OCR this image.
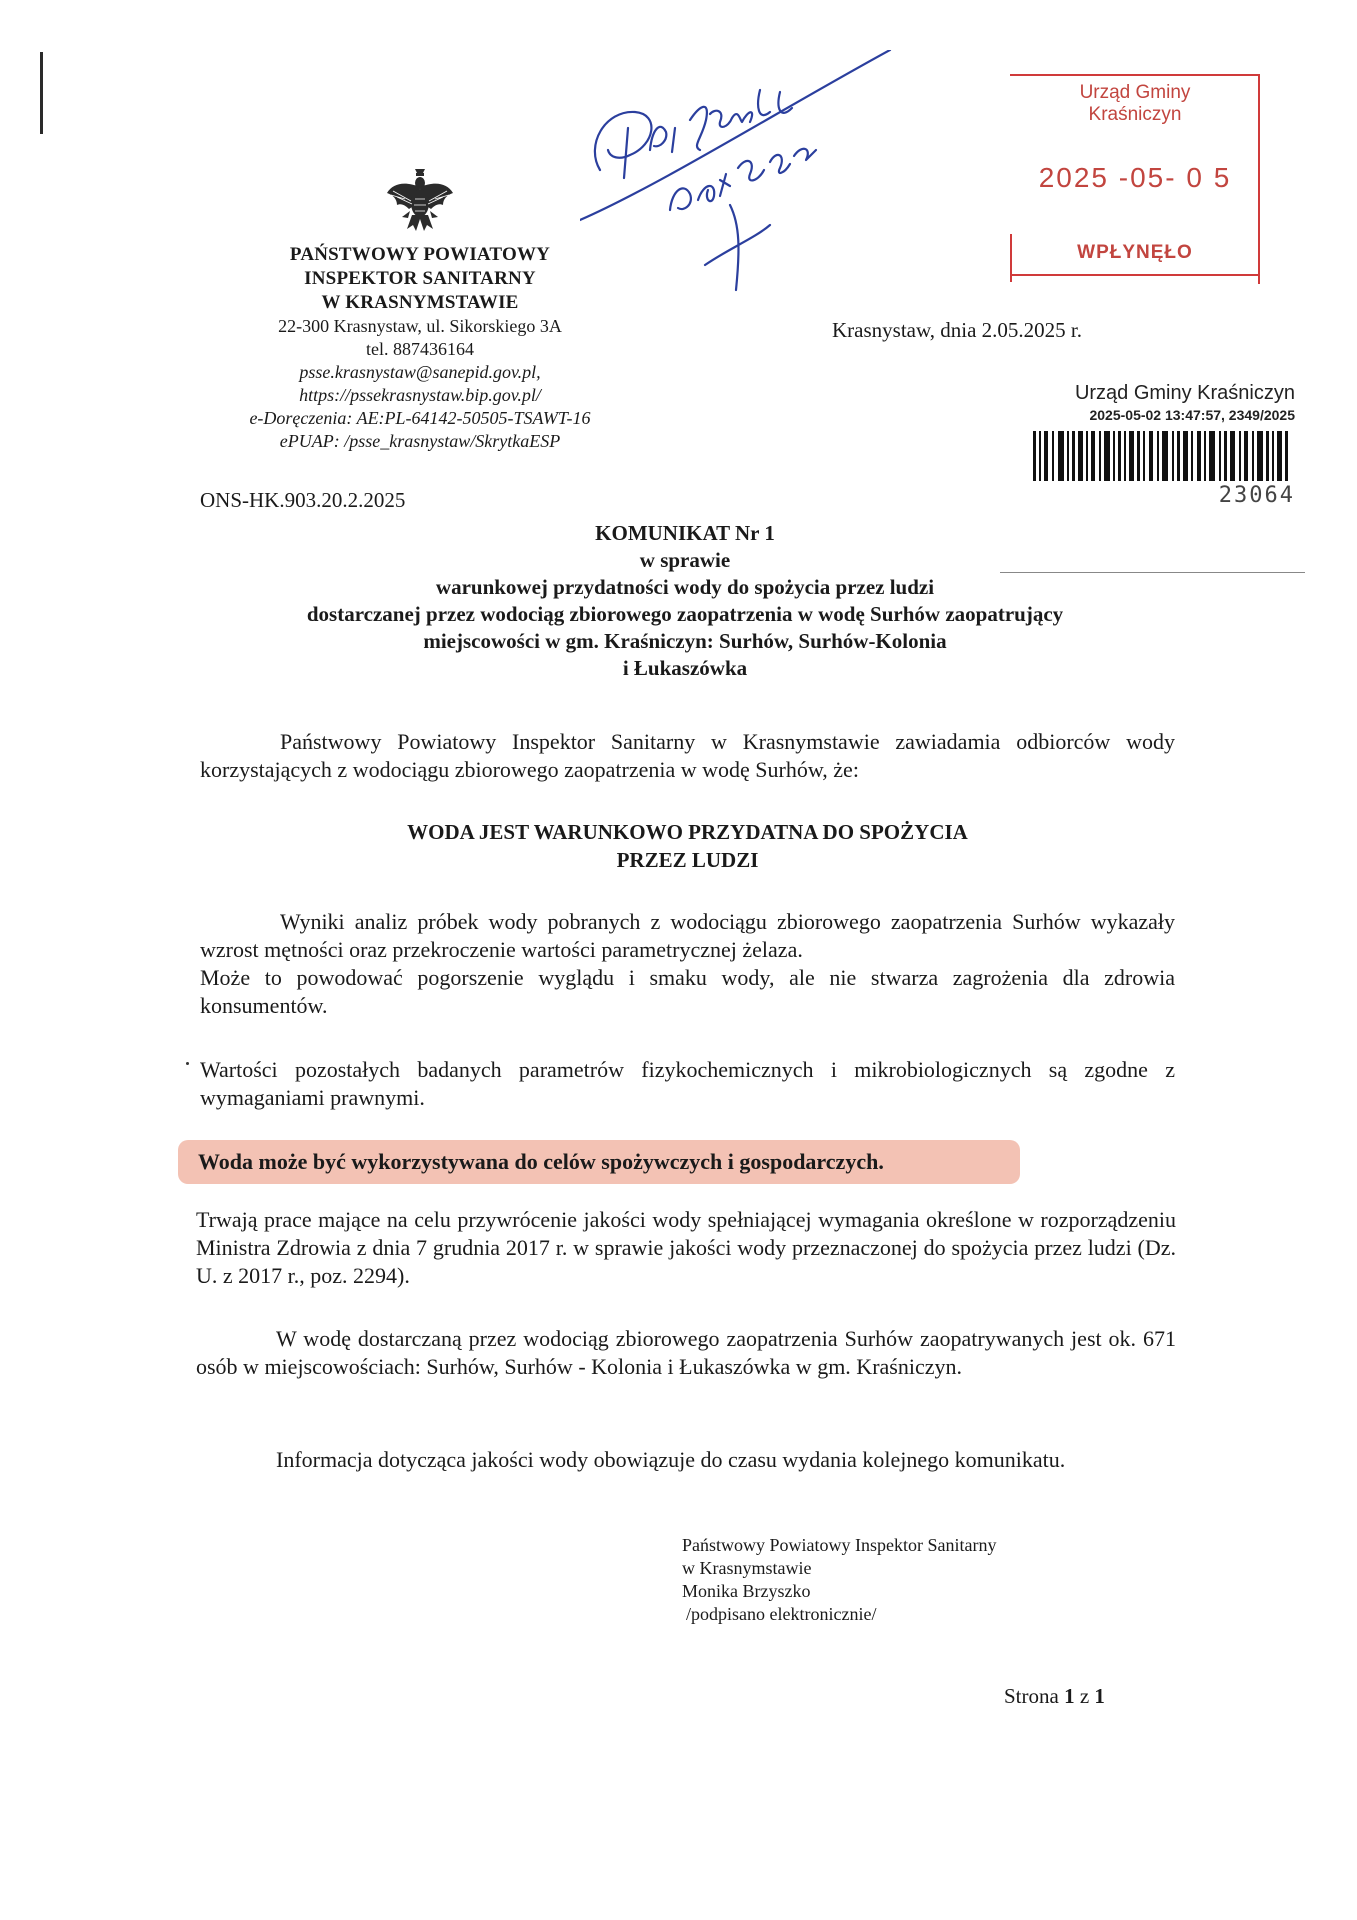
PAŃSTWOWY POWIATOWY
INSPEKTOR SANITARNY
W KRASNYMSTAWIE
22-300 Krasnystaw, ul. Sikorskiego 3A
tel. 887436164
psse.krasnystaw@sanepid.gov.pl,
https://pssekrasnystaw.bip.gov.pl/
e-Doręczenia: AE:PL-64142-50505-TSAWT-16
ePUAP: /psse_krasnystaw/SkrytkaESP
Urząd Gminy
Kraśniczyn
2025 -05- 0 5
WPŁYNĘŁO
Krasnystaw, dnia 2.05.2025 r.
Urząd Gminy Kraśniczyn
2025-05-02 13:47:57, 2349/2025
23064
ONS-HK.903.20.2.2025
KOMUNIKAT Nr 1
w sprawie
warunkowej przydatności wody do spożycia przez ludzi
dostarczanej przez wodociąg zbiorowego zaopatrzenia w wodę Surhów zaopatrujący
miejscowości w gm. Kraśniczyn: Surhów, Surhów-Kolonia
i Łukaszówka
Państwowy Powiatowy Inspektor Sanitarny w Krasnymstawie zawiadamia odbiorców wody korzystających z wodociągu zbiorowego zaopatrzenia w wodę Surhów, że:
WODA JEST WARUNKOWO PRZYDATNA DO SPOŻYCIA
PRZEZ LUDZI
Wyniki analiz próbek wody pobranych z wodociągu zbiorowego zaopatrzenia Surhów wykazały wzrost mętności oraz przekroczenie wartości parametrycznej żelaza.
Może to powodować pogorszenie wyglądu i smaku wody, ale nie stwarza zagrożenia dla zdrowia konsumentów.
Wartości pozostałych badanych parametrów fizykochemicznych i mikrobiologicznych są zgodne z wymaganiami prawnymi.
Woda może być wykorzystywana do celów spożywczych i gospodarczych.
Trwają prace mające na celu przywrócenie jakości wody spełniającej wymagania określone w rozporządzeniu Ministra Zdrowia z dnia 7 grudnia 2017 r. w sprawie jakości wody przeznaczonej do spożycia przez ludzi (Dz. U. z 2017 r., poz. 2294).
W wodę dostarczaną przez wodociąg zbiorowego zaopatrzenia Surhów zaopatrywanych jest ok. 671 osób w miejscowościach: Surhów, Surhów - Kolonia i Łukaszówka w gm. Kraśniczyn.
Informacja dotycząca jakości wody obowiązuje do czasu wydania kolejnego komunikatu.
Państwowy Powiatowy Inspektor Sanitarny
w Krasnymstawie
Monika Brzyszko
/podpisano elektronicznie/
Strona 1 z 1
